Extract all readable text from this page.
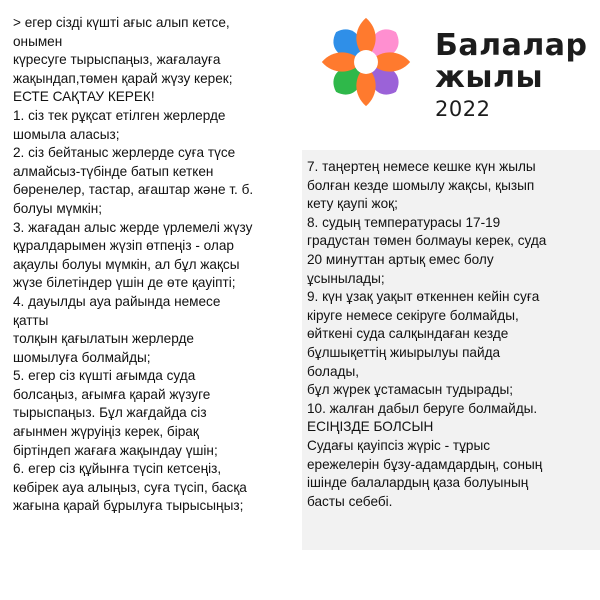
> егер сізді күшті ағыс алып кетсе,
онымен
күресуге тырыспаңыз, жағалауға
жақындап,төмен қарай жүзу керек;
ЕСТЕ САҚТАУ КЕРЕК!
1. сіз тек рұқсат етілген жерлерде
шомыла аласыз;
2. сіз бейтаныс жерлерде суға түсе
алмайсыз-түбінде батып кеткен
бөренелер, тастар, ағаштар және т. б.
болуы мүмкін;
3. жағадан алыс жерде үрлемелі жүзу
құралдарымен жүзіп өтпеңіз - олар
ақаулы болуы мүмкін, ал бұл жақсы
жүзе білетіндер үшін де өте қауіпті;
4. дауылды ауа райында немесе
қатты
толқын қағылатын жерлерде
шомылуға болмайды;
5. егер сіз күшті ағымда суда
болсаңыз, ағымға қарай жүзуге
тырыспаңыз. Бұл жағдайда сіз
ағынмен жүруіңіз керек, бірақ
біртіндеп жағаға жақындау үшін;
6. егер сіз құйынға түсіп кетсеңіз,
көбірек ауа алыңыз, суға түсіп, басқа
жағына қарай бұрылуға тырысыңыз;
Балалар
жылы
2022
7. таңертең немесе кешке күн жылы
болған кезде шомылу жақсы, қызып
кету қаупі жоқ;
8. судың температурасы 17-19
градустан төмен болмауы керек, суда
20 минуттан артық емес болу
ұсынылады;
9. күн ұзақ уақыт өткеннен кейін суға
кіруге немесе секіруге болмайды,
өйткені суда салқындаған кезде
бұлшықеттің жиырылуы пайда
болады,
бұл жүрек ұстамасын тудырады;
10. жалған дабыл беруге болмайды.
ЕСІҢІЗДЕ БОЛСЫН
Судағы қауіпсіз жүріс - тұрыс
ережелерін бұзу-адамдардың, соның
ішінде балалардың қаза болуының
басты себебі.
